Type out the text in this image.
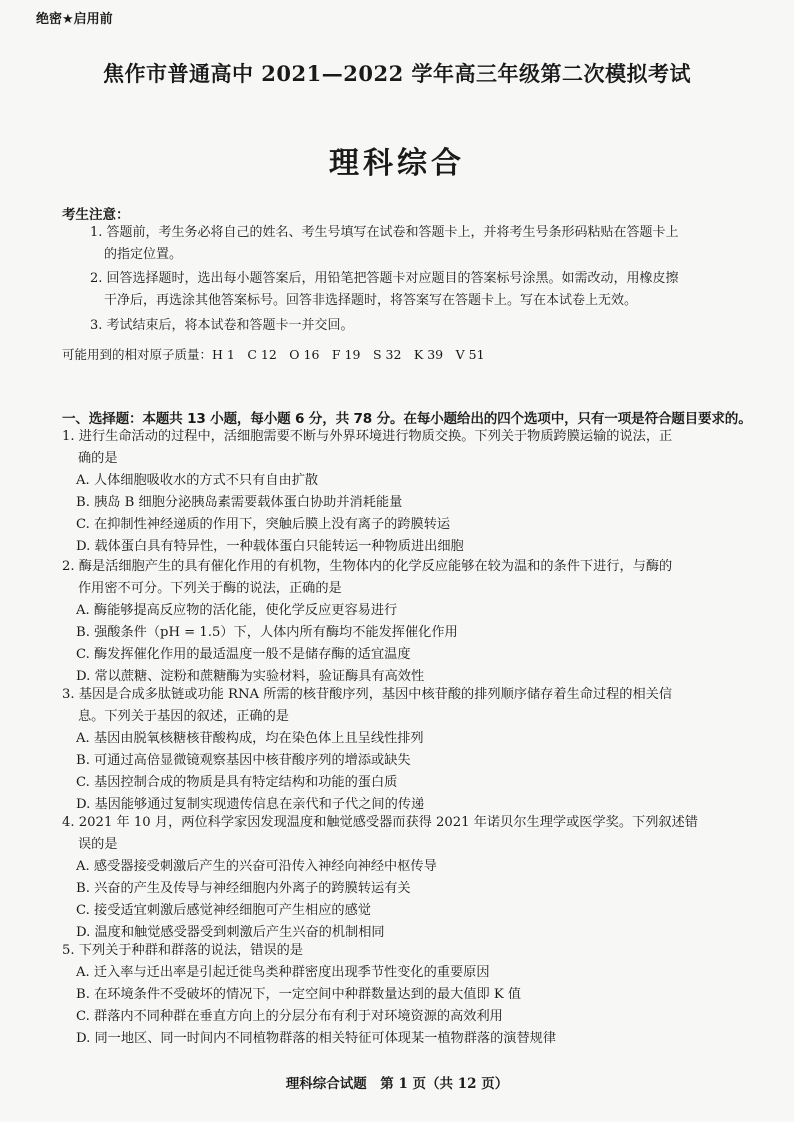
绝密★启用前
焦作市普通高中 2021—2022 学年高三年级第二次模拟考试
理科综合
考生注意：
1. 答题前，考生务必将自己的姓名、考生号填写在试卷和答题卡上，并将考生号条形码粘贴在答题卡上
的指定位置。
2. 回答选择题时，选出每小题答案后，用铅笔把答题卡对应题目的答案标号涂黑。如需改动，用橡皮擦
干净后，再选涂其他答案标号。回答非选择题时，将答案写在答题卡上。写在本试卷上无效。
3. 考试结束后，将本试卷和答题卡一并交回。
可能用到的相对原子质量：H 1　C 12　O 16　F 19　S 32　K 39　V 51
一、选择题：本题共 13 小题，每小题 6 分，共 78 分。在每小题给出的四个选项中，只有一项是符合题目要求的。
1. 进行生命活动的过程中，活细胞需要不断与外界环境进行物质交换。下列关于物质跨膜运输的说法，正
确的是
A. 人体细胞吸收水的方式不只有自由扩散
B. 胰岛 B 细胞分泌胰岛素需要载体蛋白协助并消耗能量
C. 在抑制性神经递质的作用下，突触后膜上没有离子的跨膜转运
D. 载体蛋白具有特异性，一种载体蛋白只能转运一种物质进出细胞
2. 酶是活细胞产生的具有催化作用的有机物，生物体内的化学反应能够在较为温和的条件下进行，与酶的
作用密不可分。下列关于酶的说法，正确的是
A. 酶能够提高反应物的活化能，使化学反应更容易进行
B. 强酸条件（pH = 1.5）下，人体内所有酶均不能发挥催化作用
C. 酶发挥催化作用的最适温度一般不是储存酶的适宜温度
D. 常以蔗糖、淀粉和蔗糖酶为实验材料，验证酶具有高效性
3. 基因是合成多肽链或功能 RNA 所需的核苷酸序列，基因中核苷酸的排列顺序储存着生命过程的相关信
息。下列关于基因的叙述，正确的是
A. 基因由脱氧核糖核苷酸构成，均在染色体上且呈线性排列
B. 可通过高倍显微镜观察基因中核苷酸序列的增添或缺失
C. 基因控制合成的物质是具有特定结构和功能的蛋白质
D. 基因能够通过复制实现遗传信息在亲代和子代之间的传递
4. 2021 年 10 月，两位科学家因发现温度和触觉感受器而获得 2021 年诺贝尔生理学或医学奖。下列叙述错
误的是
A. 感受器接受刺激后产生的兴奋可沿传入神经向神经中枢传导
B. 兴奋的产生及传导与神经细胞内外离子的跨膜转运有关
C. 接受适宜刺激后感觉神经细胞可产生相应的感觉
D. 温度和触觉感受器受到刺激后产生兴奋的机制相同
5. 下列关于种群和群落的说法，错误的是
A. 迁入率与迁出率是引起迁徙鸟类种群密度出现季节性变化的重要原因
B. 在环境条件不受破坏的情况下，一定空间中种群数量达到的最大值即 K 值
C. 群落内不同种群在垂直方向上的分层分布有利于对环境资源的高效利用
D. 同一地区、同一时间内不同植物群落的相关特征可体现某一植物群落的演替规律
理科综合试题　第 1 页（共 12 页）
